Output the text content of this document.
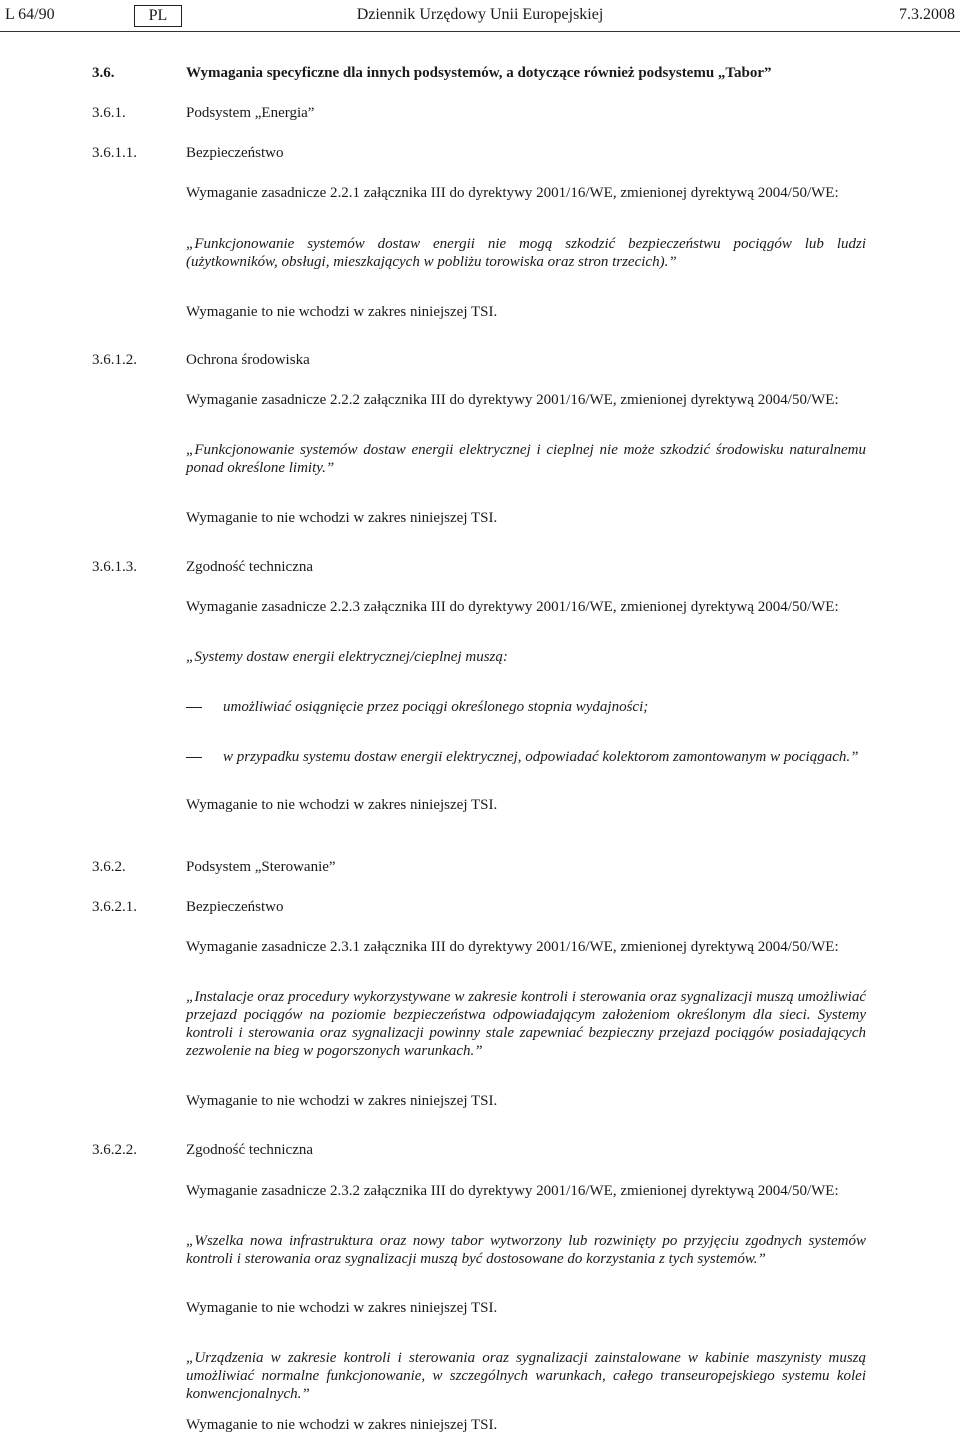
L 64/90	Dziennik Urzędowy Unii Europejskiej
PL	7.3.2008
3.6.	Wymagania specyficzne dla innych podsystemów, a dotyczące również podsystemu „Tabor”
3.6.1.	Podsystem „Energia”
3.6.1.1.	Bezpieczeństwo
Wymaganie zasadnicze 2.2.1 załącznika III do dyrektywy 2001/16/WE, zmienionej dyrektywą 2004/50/WE:
„Funkcjonowanie systemów dostaw energii nie mogą szkodzić bezpieczeństwu pociągów lub ludzi (użytkowników, obsługi, mieszkających w pobliżu torowiska oraz stron trzecich).”
Wymaganie to nie wchodzi w zakres niniejszej TSI.
3.6.1.2.	Ochrona środowiska
Wymaganie zasadnicze 2.2.2 załącznika III do dyrektywy 2001/16/WE, zmienionej dyrektywą 2004/50/WE:
„Funkcjonowanie systemów dostaw energii elektrycznej i cieplnej nie może szkodzić środowisku naturalnemu ponad określone limity.”
Wymaganie to nie wchodzi w zakres niniejszej TSI.
3.6.1.3.	Zgodność techniczna
Wymaganie zasadnicze 2.2.3 załącznika III do dyrektywy 2001/16/WE, zmienionej dyrektywą 2004/50/WE:
„Systemy dostaw energii elektrycznej/cieplnej muszą:
umożliwiać osiągnięcie przez pociągi określonego stopnia wydajności;
w przypadku systemu dostaw energii elektrycznej, odpowiadać kolektorom zamontowanym w pociągach.”
Wymaganie to nie wchodzi w zakres niniejszej TSI.
3.6.2.	Podsystem „Sterowanie”
3.6.2.1.	Bezpieczeństwo
Wymaganie zasadnicze 2.3.1 załącznika III do dyrektywy 2001/16/WE, zmienionej dyrektywą 2004/50/WE:
„Instalacje oraz procedury wykorzystywane w zakresie kontroli i sterowania oraz sygnalizacji muszą umożliwiać przejazd pociągów na poziomie bezpieczeństwa odpowiadającym założeniom określonym dla sieci. Systemy kontroli i sterowania oraz sygnalizacji powinny stale zapewniać bezpieczny przejazd pociągów posiadających zezwolenie na bieg w pogorszonych warunkach.”
Wymaganie to nie wchodzi w zakres niniejszej TSI.
3.6.2.2.	Zgodność techniczna
Wymaganie zasadnicze 2.3.2 załącznika III do dyrektywy 2001/16/WE, zmienionej dyrektywą 2004/50/WE:
„Wszelka nowa infrastruktura oraz nowy tabor wytworzony lub rozwinięty po przyjęciu zgodnych systemów kontroli i sterowania oraz sygnalizacji muszą być dostosowane do korzystania z tych systemów.”
Wymaganie to nie wchodzi w zakres niniejszej TSI.
„Urządzenia w zakresie kontroli i sterowania oraz sygnalizacji zainstalowane w kabinie maszynisty muszą umożliwiać normalne funkcjonowanie, w szczególnych warunkach, całego transeuropejskiego systemu kolei konwencjonalnych.”
Wymaganie to nie wchodzi w zakres niniejszej TSI.
